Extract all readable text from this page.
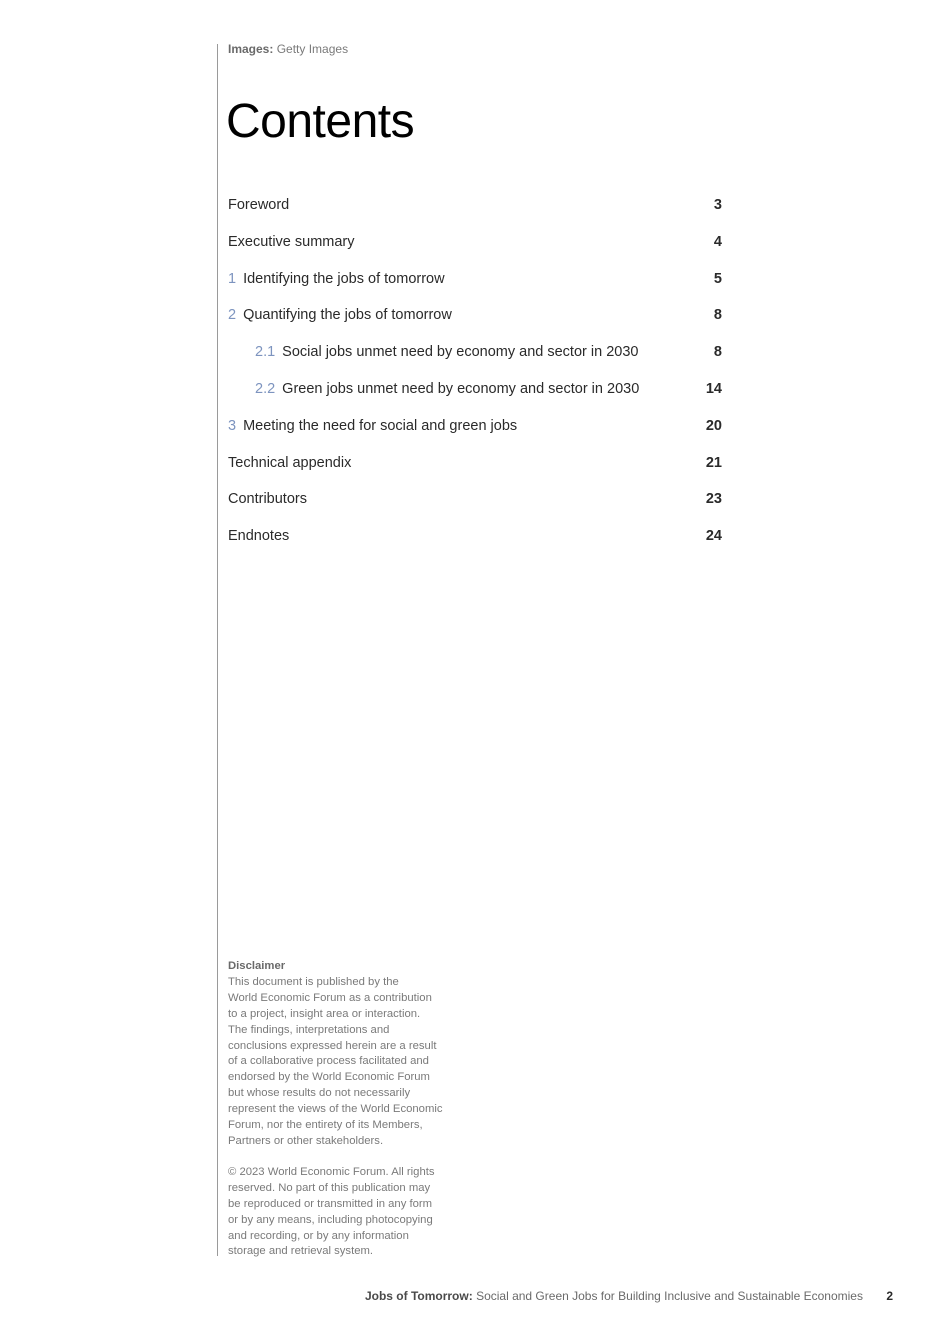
Images: Getty Images
Contents
Foreword	3
Executive summary	4
1 Identifying the jobs of tomorrow	5
2 Quantifying the jobs of tomorrow	8
2.1 Social jobs unmet need by economy and sector in 2030	8
2.2 Green jobs unmet need by economy and sector in 2030	14
3 Meeting the need for social and green jobs	20
Technical appendix	21
Contributors	23
Endnotes	24
Disclaimer

This document is published by the

World Economic Forum as a contribution

to a project, insight area or interaction.

The findings, interpretations and

conclusions expressed herein are a result

of a collaborative process facilitated and

endorsed by the World Economic Forum

but whose results do not necessarily

represent the views of the World Economic

Forum, nor the entirety of its Members,

Partners or other stakeholders.

© 2023 World Economic Forum. All rights

reserved. No part of this publication may

be reproduced or transmitted in any form

or by any means, including photocopying

and recording, or by any information

storage and retrieval system.

Jobs of Tomorrow: Social and Green Jobs for Building Inclusive and Sustainable Economies 2
